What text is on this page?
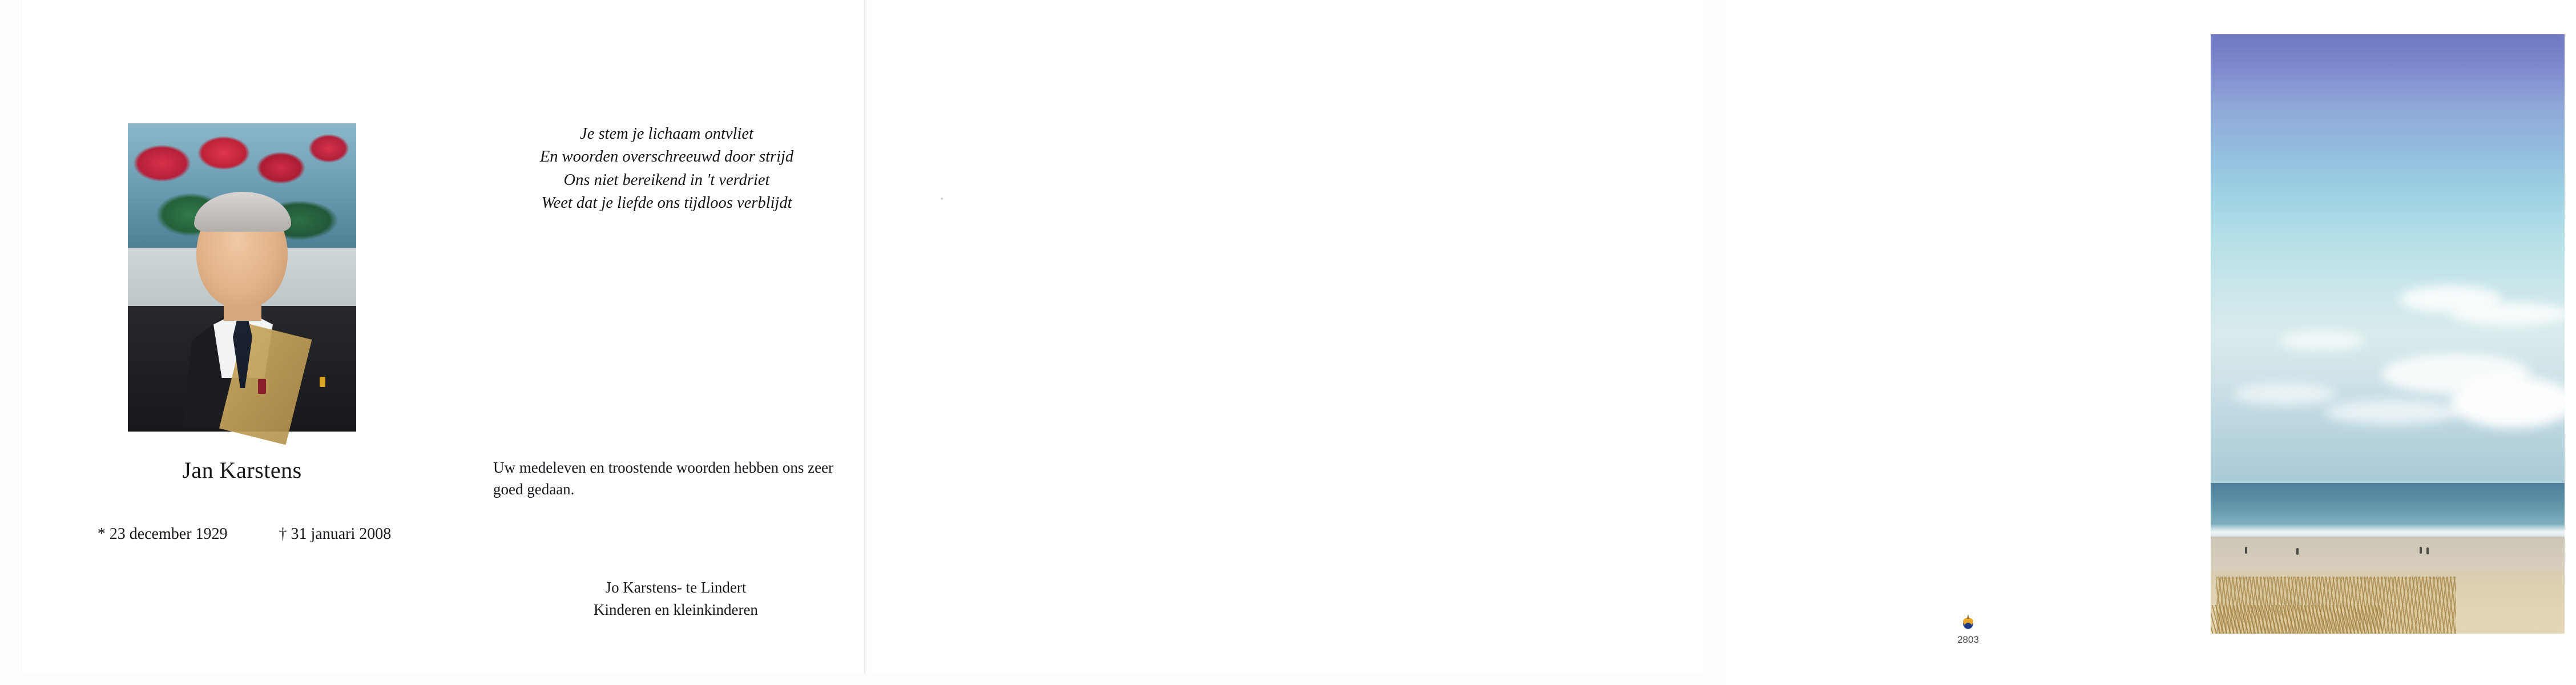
Jan Karstens
* 23 december 1929	† 31 januari 2008
Je stem je lichaam ontvliet
En woorden overschreeuwd door strijd
Ons niet bereikend in 't verdriet
Weet dat je liefde ons tijdloos verblijdt
Uw medeleven en troostende woorden hebben ons zeer goed gedaan.
Jo Karstens- te Lindert
Kinderen en kleinkinderen
2803
